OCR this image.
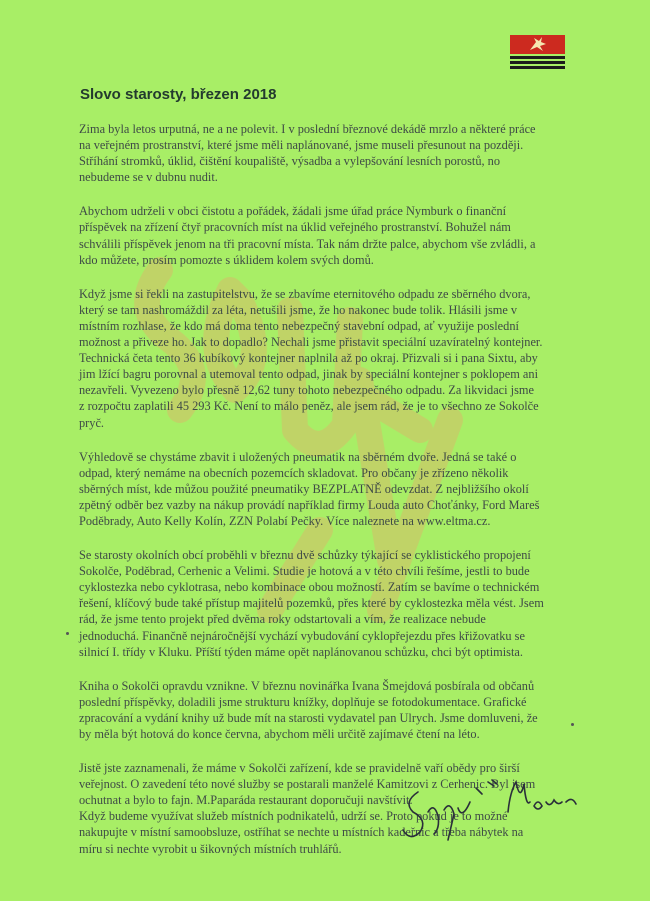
Slovo starosty, březen 2018

Zima byla letos urputná, ne a ne polevit. I v poslední březnové dekádě mrzlo a některé práce
na veřejném prostranství, které jsme měli naplánované, jsme museli přesunout na později.
Stříhání stromků, úklid, čištění koupaliště, výsadba a vylepšování lesních porostů, no
nebudeme se v dubnu nudit.

Abychom udrželi v obci čistotu a pořádek, žádali jsme úřad práce Nymburk o finanční
příspěvek na zřízení čtyř pracovních míst na úklid veřejného prostranství. Bohužel nám
schválili příspěvek jenom na tři pracovní místa. Tak nám držte palce, abychom vše zvládli, a
kdo můžete, prosím pomozte s úklidem kolem svých domů.

Když jsme si řekli na zastupitelstvu, že se zbavíme eternitového odpadu ze sběrného dvora,
který se tam nashromáždil za léta, netušili jsme, že ho nakonec bude tolik. Hlásili jsme v
místním rozhlase, že kdo má doma tento nebezpečný stavební odpad, ať využije poslední
možnost a přiveze ho. Jak to dopadlo? Nechali jsme přistavit speciální uzavíratelný kontejner.
Technická četa tento 36 kubíkový kontejner naplnila až po okraj. Přizvali si i pana Sixtu, aby
jim lžící bagru porovnal a utemoval tento odpad, jinak by speciální kontejner s poklopem ani
nezavřeli. Vyvezeno bylo přesně 12,62 tuny tohoto nebezpečného odpadu. Za likvidaci jsme
z rozpočtu zaplatili 45 293 Kč. Není to málo peněz, ale jsem rád, že je to všechno ze Sokolče
pryč.

Výhledově se chystáme zbavit i uložených pneumatik na sběrném dvoře. Jedná se také o
odpad, který nemáme na obecních pozemcích skladovat. Pro občany je zřízeno několik
sběrných míst, kde můžou použité pneumatiky BEZPLATNĚ odevzdat. Z nejbližšího okolí
zpětný odběr bez vazby na nákup provádí například firmy Louda auto Choťánky, Ford Mareš
Poděbrady, Auto Kelly Kolín, ZZN Polabí Pečky. Více naleznete na www.eltma.cz.

Se starosty okolních obcí proběhli v březnu dvě schůzky týkající se cyklistického propojení
Sokolče, Poděbrad, Cerhenic a Velimi. Studie je hotová a v této chvíli řešíme, jestli to bude
cyklostezka nebo cyklotrasa, nebo kombinace obou možností. Zatím se bavíme o technickém
řešení, klíčový bude také přístup majitelů pozemků, přes které by cyklostezka měla vést. Jsem
rád, že jsme tento projekt před dvěma roky odstartovali a vím, že realizace nebude
jednoduchá. Finančně nejnáročnější vychází vybudování cyklopřejezdu přes křižovatku se
silnicí I. třídy v Kluku. Příští týden máme opět naplánovanou schůzku, chci být optimista.

Kniha o Sokolči opravdu vznikne. V březnu novinářka Ivana Šmejdová posbírala od občanů
poslední příspěvky, doladili jsme strukturu knížky, doplňuje se fotodokumentace. Grafické
zpracování a vydání knihy už bude mít na starosti vydavatel pan Ulrych. Jsme domluveni, že
by měla být hotová do konce června, abychom měli určitě zajímavé čtení na léto.

Jistě jste zaznamenali, že máme v Sokolči zařízení, kde se pravidelně vaří obědy pro širší
veřejnost. O zavedení této nové služby se postarali manželé Kamitzovi z Cerhenic. Byl jsem
ochutnat a bylo to fajn. M.Paparáda restaurant doporučuji navštívit.
Když budeme využívat služeb místních podnikatelů, udrží se. Proto pokud je to možné
nakupujte v místní samoobsluze, ostříhat se nechte u místních kadeřnic a třeba nábytek na
míru si nechte vyrobit u šikovných místních truhlářů.
